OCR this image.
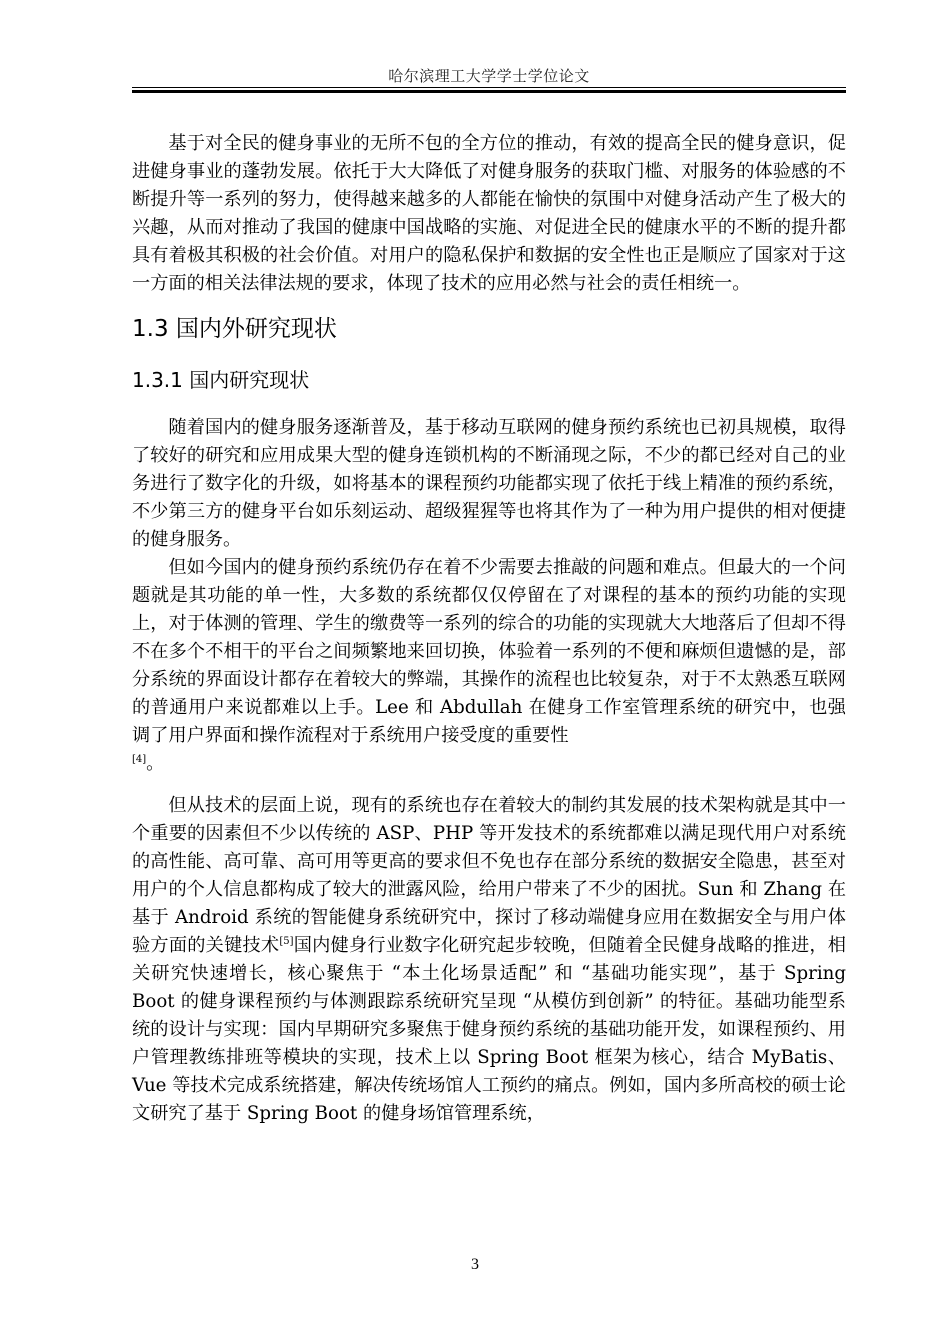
哈尔滨理工大学学士学位论文

基于对全民的健身事业的无所不包的全方位的推动，有效的提高全民的健身意识，促进健身事业的蓬勃发展。依托于大大降低了对健身服务的获取门槛、对服务的体验感的不断提升等一系列的努力，使得越来越多的人都能在愉快的氛围中对健身活动产生了极大的兴趣，从而对推动了我国的健康中国战略的实施、对促进全民的健康水平的不断的提升都具有着极其积极的社会价值。对用户的隐私保护和数据的安全性也正是顺应了国家对于这一方面的相关法律法规的要求，体现了技术的应用必然与社会的责任相统一。

1.3 国内外研究现状
1.3.1 国内研究现状

随着国内的健身服务逐渐普及，基于移动互联网的健身预约系统也已初具规模，取得了较好的研究和应用成果大型的健身连锁机构的不断涌现之际，不少的都已经对自己的业务进行了数字化的升级，如将基本的课程预约功能都实现了依托于线上精准的预约系统，不少第三方的健身平台如乐刻运动、超级猩猩等也将其作为了一种为用户提供的相对便捷的健身服务。

但如今国内的健身预约系统仍存在着不少需要去推敲的问题和难点。但最大的一个问题就是其功能的单一性，大多数的系统都仅仅停留在了对课程的基本的预约功能的实现上，对于体测的管理、学生的缴费等一系列的综合的功能的实现就大大地落后了但却不得不在多个不相干的平台之间频繁地来回切换，体验着一系列的不便和麻烦但遗憾的是，部分系统的界面设计都存在着较大的弊端，其操作的流程也比较复杂，对于不太熟悉互联网的普通用户来说都难以上手。Lee 和 Abdullah 在健身工作室管理系统的研究中，也强调了用户界面和操作流程对于系统用户接受度的重要性
[4]。

但从技术的层面上说，现有的系统也存在着较大的制约其发展的技术架构就是其中一个重要的因素但不少以传统的 ASP、PHP 等开发技术的系统都难以满足现代用户对系统的高性能、高可靠、高可用等更高的要求但不免也存在部分系统的数据安全隐患，甚至对用户的个人信息都构成了较大的泄露风险，给用户带来了不少的困扰。Sun 和 Zhang 在基于 Android 系统的智能健身系统研究中，探讨了移动端健身应用在数据安全与用户体验方面的关键技术[5]国内健身行业数字化研究起步较晚，但随着全民健身战略的推进，相关研究快速增长，核心聚焦于 “本土化场景适配” 和 “基础功能实现”，基于 Spring Boot 的健身课程预约与体测跟踪系统研究呈现 “从模仿到创新” 的特征。基础功能型系统的设计与实现：国内早期研究多聚焦于健身预约系统的基础功能开发，如课程预约、用户管理教练排班等模块的实现，技术上以 Spring Boot 框架为核心，结合 MyBatis、Vue 等技术完成系统搭建，解决传统场馆人工预约的痛点。例如，国内多所高校的硕士论文研究了基于 Spring Boot 的健身场馆管理系统，

3
